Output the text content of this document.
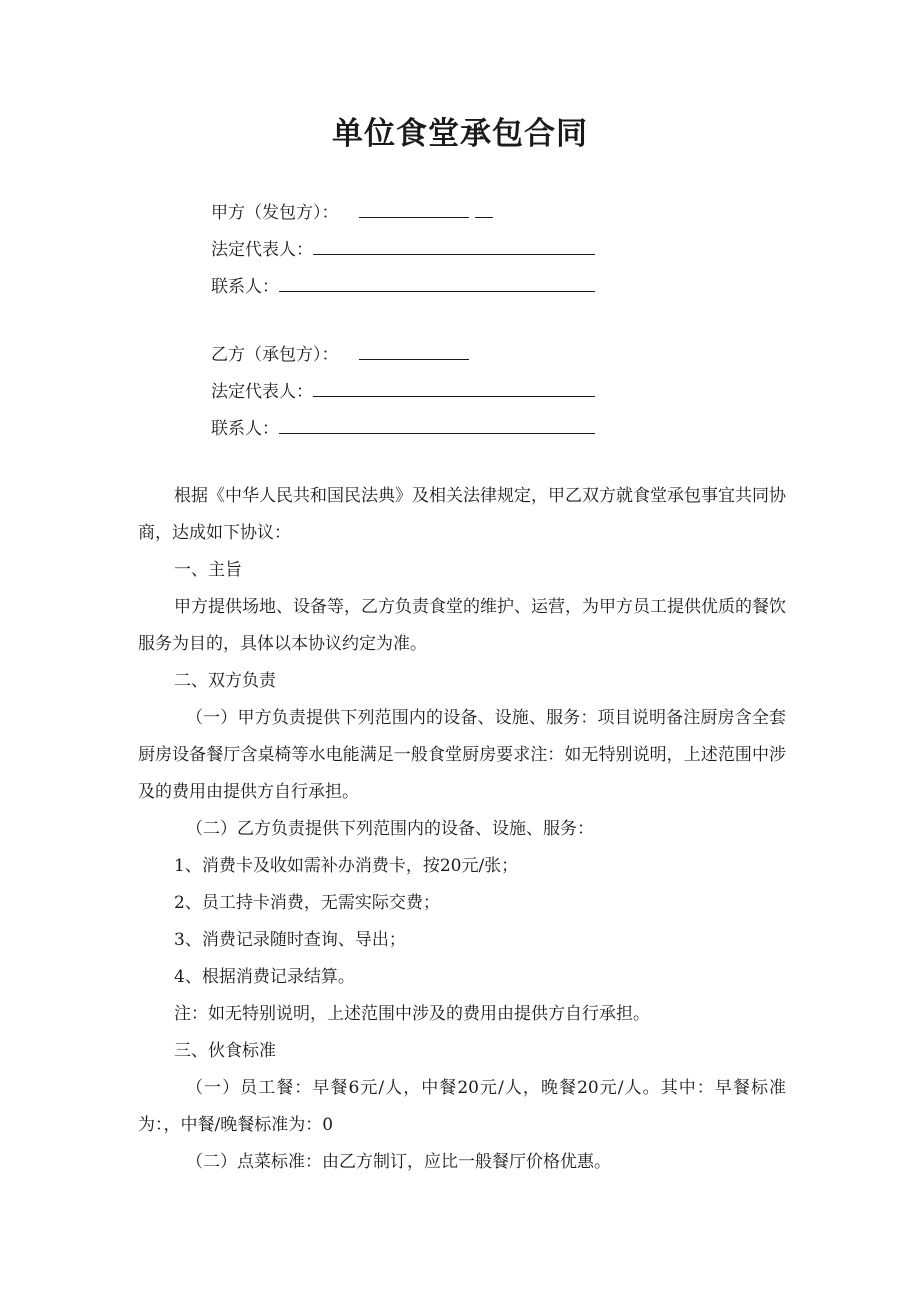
单位食堂承包合同
甲方（发包方）：
法定代表人：
联系人：
乙方（承包方）：
法定代表人：
联系人：

根据《中华人民共和国民法典》及相关法律规定，甲乙双方就食堂承包事宜共同协商，达成如下协议：

一、主旨

甲方提供场地、设备等，乙方负责食堂的维护、运营，为甲方员工提供优质的餐饮服务为目的，具体以本协议约定为准。

二、双方负责

（一）甲方负责提供下列范围内的设备、设施、服务：项目说明备注厨房含全套厨房设备餐厅含桌椅等水电能满足一般食堂厨房要求注：如无特别说明，上述范围中涉及的费用由提供方自行承担。

（二）乙方负责提供下列范围内的设备、设施、服务：

1、消费卡及收如需补办消费卡，按20元/张；

2、员工持卡消费，无需实际交费；

3、消费记录随时查询、导出；

4、根据消费记录结算。

注：如无特别说明，上述范围中涉及的费用由提供方自行承担。

三、伙食标准

（一）员工餐：早餐6元/人，中餐20元/人，晚餐20元/人。其中：早餐标准为：，中餐/晚餐标准为：0

（二）点菜标准：由乙方制订，应比一般餐厅价格优惠。
